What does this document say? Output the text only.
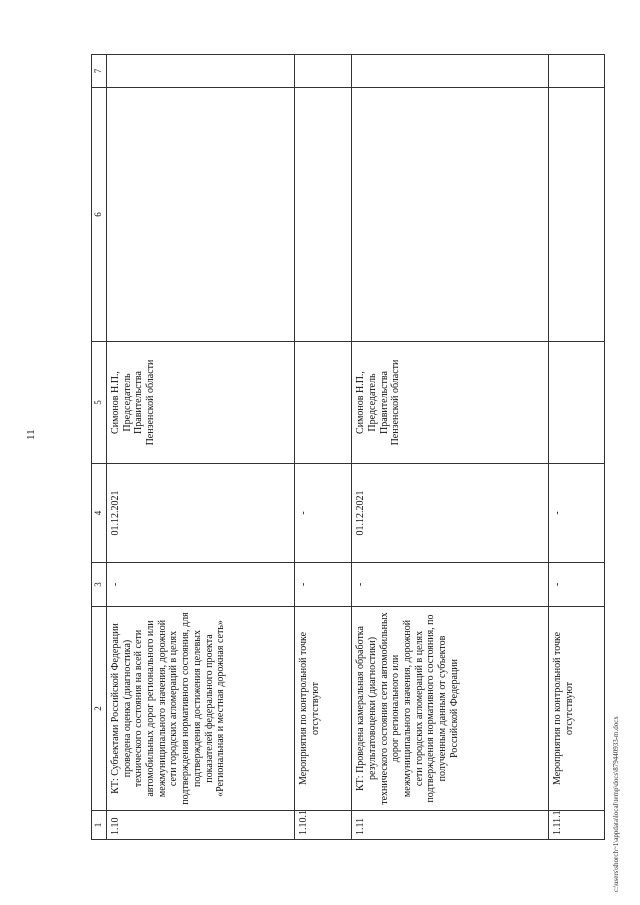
11
1	2	3	4	5	6	7
1.10	КТ: Субъектами Российской Федерации проведена оценка (диагностика) технического состояния на всей сети автомобильных дорог регионального или межмуниципального значения, дорожной сети городских агломераций в целях подтверждения нормативного состояния, для подтверждения достижения целевых показателей федерального проекта «Региональная и местная дорожная сеть»	-	01.12.2021	Симонов Н.П., Председатель Правительства Пензенской области		
1.10.1	Мероприятия по контрольной точке отсутствуют	-	-			
1.11	КТ: Проведена камеральная обработка результатовоценки (диагностики) технического состояния сети автомобильных дорог регионального или межмуниципального значения, дорожной сети городских агломераций в целях подтверждения нормативного состояния, по полученным данным от субъектов Российской Федерации	-	01.12.2021	Симонов Н.П., Председатель Правительства Пензенской области		
1.11.1	Мероприятия по контрольной точке отсутствуют	-	-			
c:\users\shorch~1\appdata\local\temp\docs\879440933-m.docx
